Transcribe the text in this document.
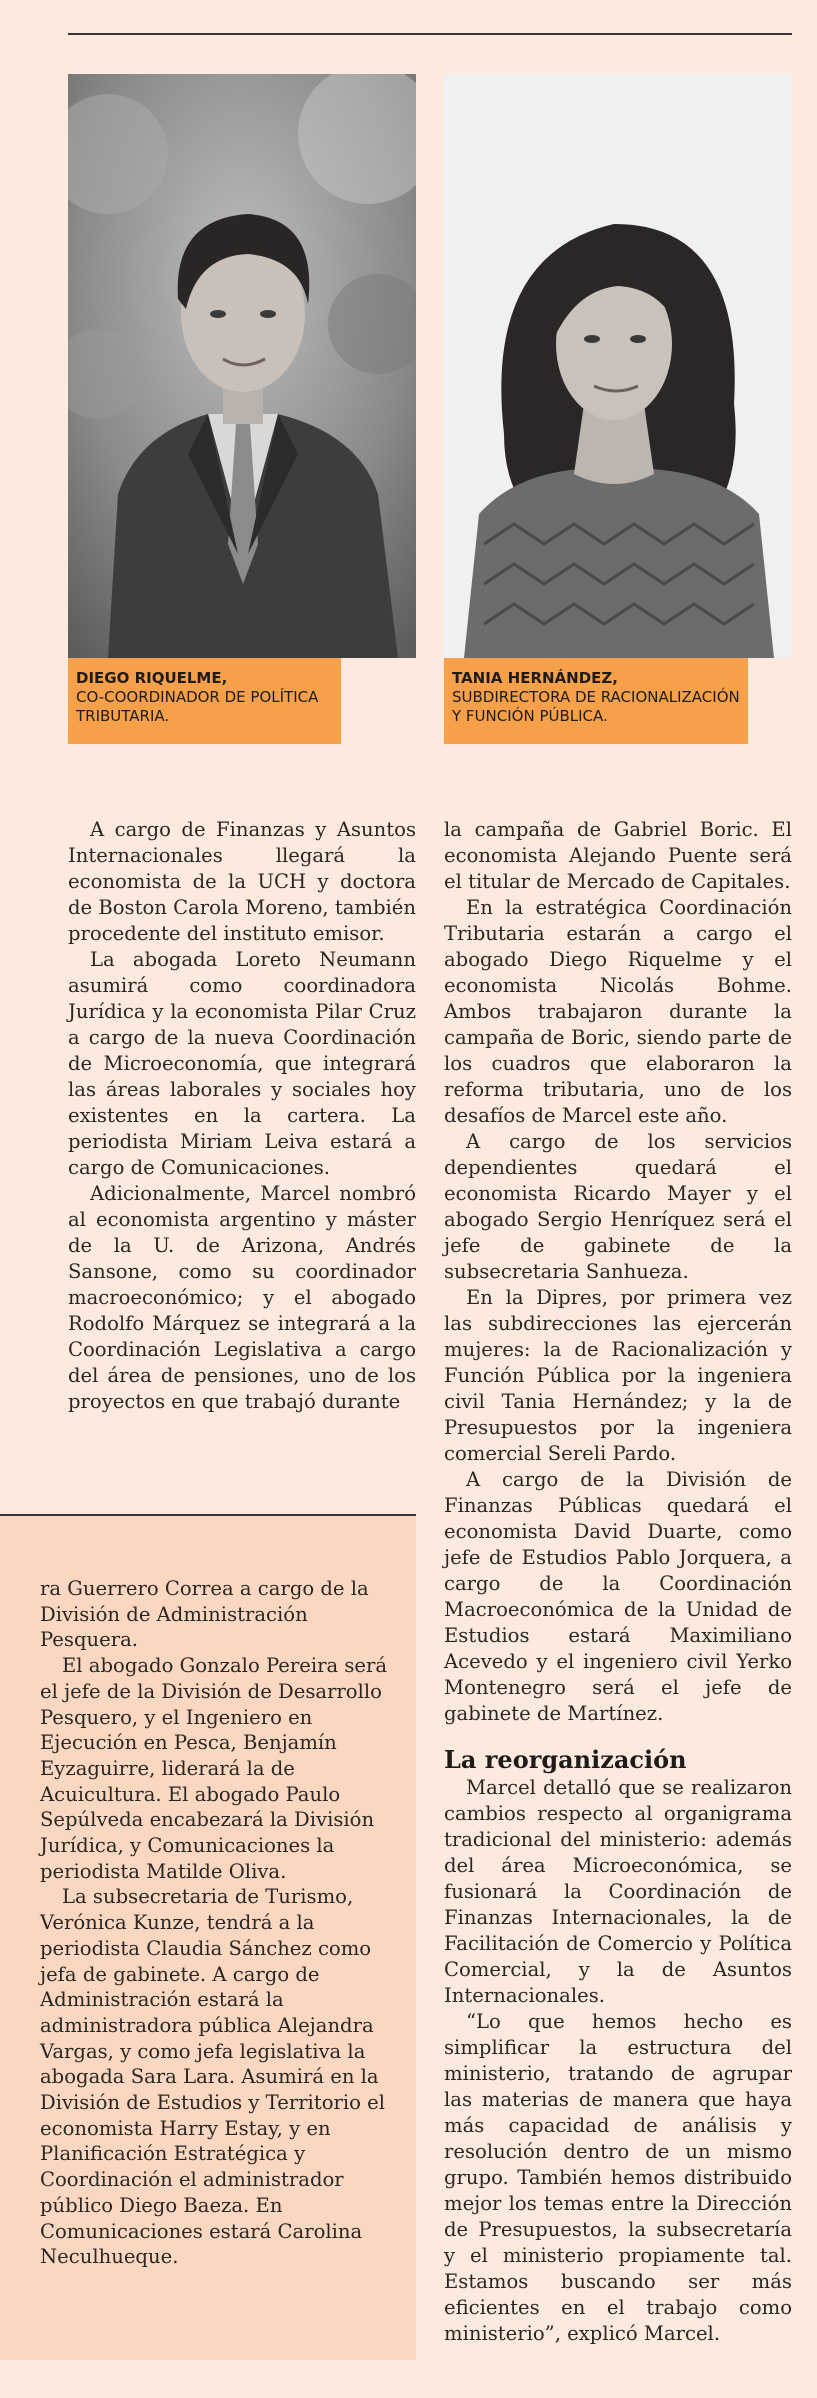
DIEGO RIQUELME,
CO-COORDINADOR DE POLÍTICA TRIBUTARIA.
TANIA HERNÁNDEZ,
SUBDIRECTORA DE RACIONALIZACIÓN Y FUNCIÓN PÚBLICA.

A cargo de Finanzas y Asuntos Internacionales llegará la economista de la UCH y doctora de Boston Carola Moreno, también procedente del instituto emisor.

La abogada Loreto Neumann asumirá como coordinadora Jurídica y la economista Pilar Cruz a cargo de la nueva Coordinación de Microeconomía, que integrará las áreas laborales y sociales hoy existentes en la cartera. La periodista Miriam Leiva estará a cargo de Comunicaciones.

Adicionalmente, Marcel nombró al economista argentino y máster de la U. de Arizona, Andrés Sansone, como su coordinador macroeconómico; y el abogado Rodolfo Márquez se integrará a la Coordinación Legislativa a cargo del área de pensiones, uno de los proyectos en que trabajó durante

ra Guerrero Correa a cargo de la División de Administración Pesquera.

El abogado Gonzalo Pereira será el jefe de la División de Desarrollo Pesquero, y el Ingeniero en Ejecución en Pesca, Benjamín Eyzaguirre, liderará la de Acuicultura. El abogado Paulo Sepúlveda encabezará la División Jurídica, y Comunicaciones la periodista Matilde Oliva.

La subsecretaria de Turismo, Verónica Kunze, tendrá a la periodista Claudia Sánchez como jefa de gabinete. A cargo de Administración estará la administradora pública Alejandra Vargas, y como jefa legislativa la abogada Sara Lara. Asumirá en la División de Estudios y Territorio el economista Harry Estay, y en Planificación Estratégica y Coordinación el administrador público Diego Baeza. En Comunicaciones estará Carolina Neculhueque.

la campaña de Gabriel Boric. El economista Alejando Puente será el titular de Mercado de Capitales.

En la estratégica Coordinación Tributaria estarán a cargo el abogado Diego Riquelme y el economista Nicolás Bohme. Ambos trabajaron durante la campaña de Boric, siendo parte de los cuadros que elaboraron la reforma tributaria, uno de los desafíos de Marcel este año.

A cargo de los servicios dependientes quedará el economista Ricardo Mayer y el abogado Sergio Henríquez será el jefe de gabinete de la subsecretaria Sanhueza.

En la Dipres, por primera vez las subdirecciones las ejercerán mujeres: la de Racionalización y Función Pública por la ingeniera civil Tania Hernández; y la de Presupuestos por la ingeniera comercial Sereli Pardo.

A cargo de la División de Finanzas Públicas quedará el economista David Duarte, como jefe de Estudios Pablo Jorquera, a cargo de la Coordinación Macroeconómica de la Unidad de Estudios estará Maximiliano Acevedo y el ingeniero civil Yerko Montenegro será el jefe de gabinete de Martínez.

La reorganización

Marcel detalló que se realizaron cambios respecto al organigrama tradicional del ministerio: además del área Microeconómica, se fusionará la Coordinación de Finanzas Internacionales, la de Facilitación de Comercio y Política Comercial, y la de Asuntos Internacionales.

“Lo que hemos hecho es simplificar la estructura del ministerio, tratando de agrupar las materias de manera que haya más capacidad de análisis y resolución dentro de un mismo grupo. También hemos distribuido mejor los temas entre la Dirección de Presupuestos, la subsecretaría y el ministerio propiamente tal. Estamos buscando ser más eficientes en el trabajo como ministerio”, explicó Marcel.
